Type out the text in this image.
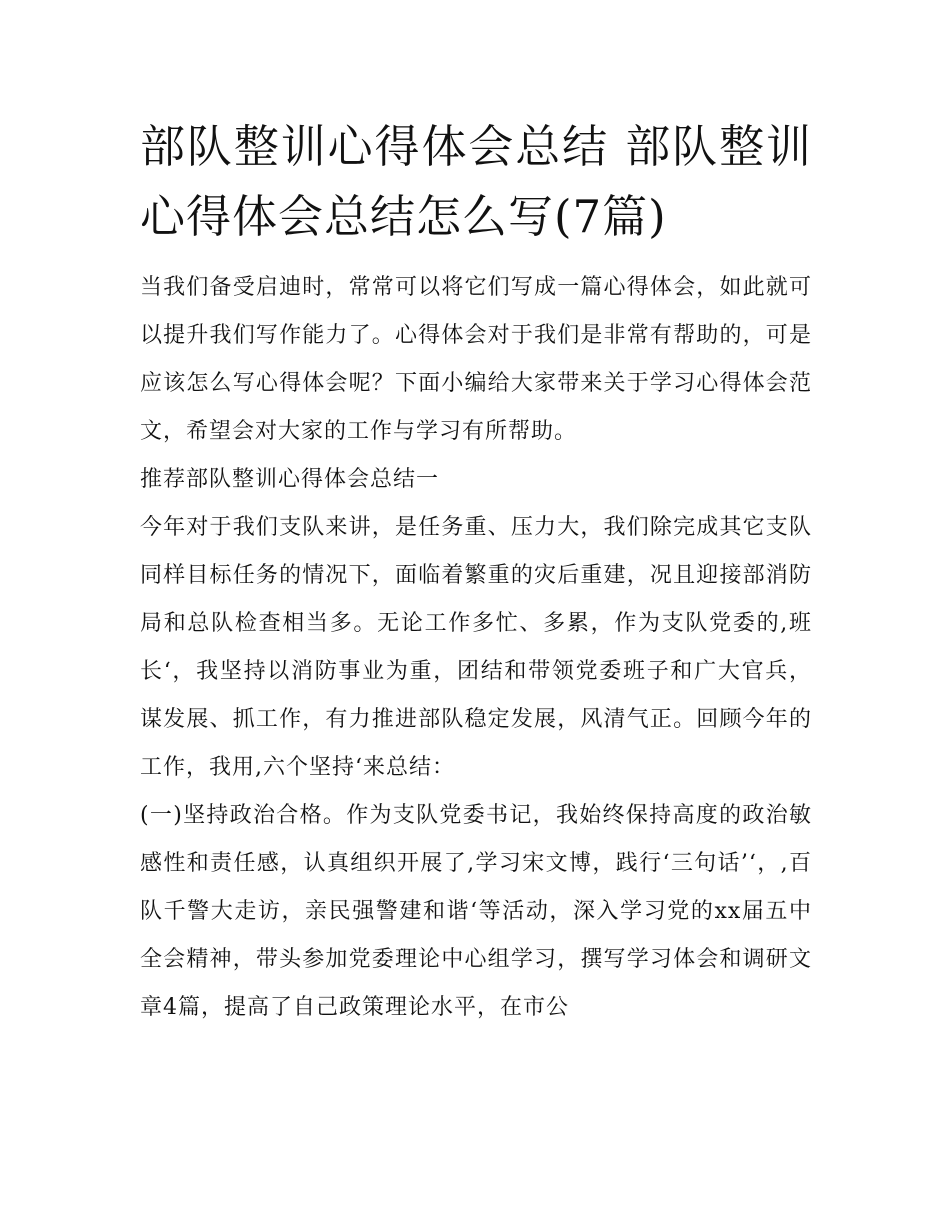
部队整训心得体会总结 部队整训心得体会总结怎么写(7篇)

当我们备受启迪时，常常可以将它们写成一篇心得体会，如此就可以提升我们写作能力了。心得体会对于我们是非常有帮助的，可是应该怎么写心得体会呢？下面小编给大家带来关于学习心得体会范文，希望会对大家的工作与学习有所帮助。

推荐部队整训心得体会总结一

今年对于我们支队来讲，是任务重、压力大，我们除完成其它支队同样目标任务的情况下，面临着繁重的灾后重建，况且迎接部消防局和总队检查相当多。无论工作多忙、多累，作为支队党委的,班长‘，我坚持以消防事业为重，团结和带领党委班子和广大官兵，谋发展、抓工作，有力推进部队稳定发展，风清气正。回顾今年的工作，我用,六个坚持‘来总结：

(一)坚持政治合格。作为支队党委书记，我始终保持高度的政治敏感性和责任感，认真组织开展了,学习宋文博，践行‘三句话’‘，,百队千警大走访，亲民强警建和谐‘等活动，深入学习党的xx届五中全会精神，带头参加党委理论中心组学习，撰写学习体会和调研文章4篇，提高了自己政策理论水平，在市公
